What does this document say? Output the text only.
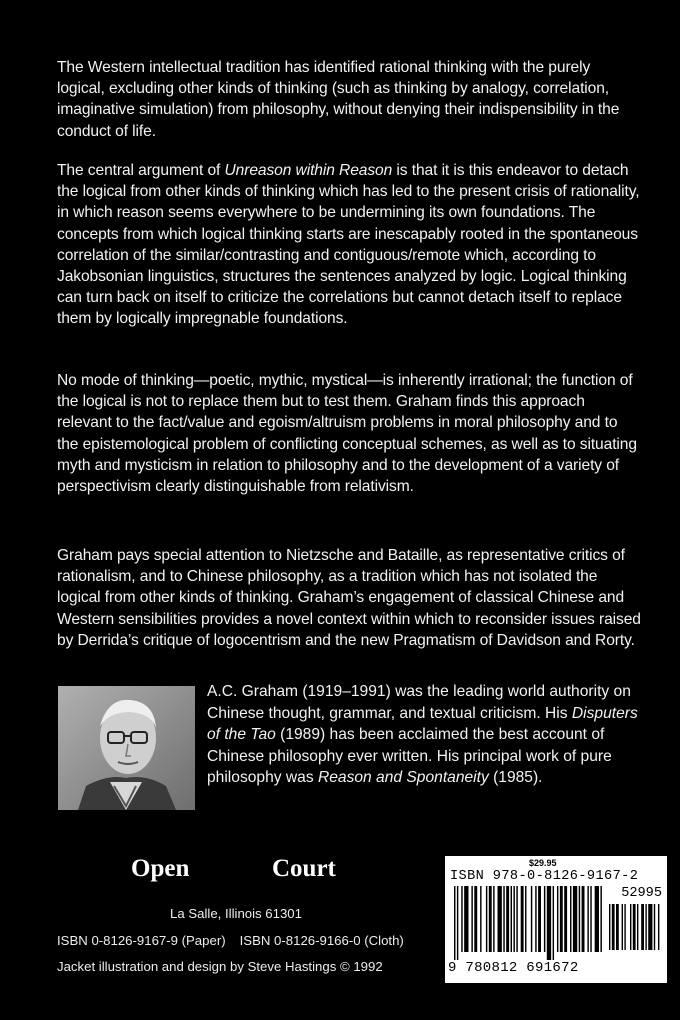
The Western intellectual tradition has identified rational thinking with the purely logical, excluding other kinds of thinking (such as thinking by analogy, correlation, imaginative simulation) from philosophy, without denying their indispensibility in the conduct of life.

The central argument of Unreason within Reason is that it is this endeavor to detach the logical from other kinds of thinking which has led to the present crisis of rationality, in which reason seems everywhere to be undermining its own foundations. The concepts from which logical thinking starts are inescapably rooted in the spontaneous correlation of the similar/contrasting and contiguous/remote which, according to Jakobsonian linguistics, structures the sentences analyzed by logic. Logical thinking can turn back on itself to criticize the correlations but cannot detach itself to replace them by logically impregnable foundations.

No mode of thinking—poetic, mythic, mystical—is inherently irrational; the function of the logical is not to replace them but to test them. Graham finds this approach relevant to the fact/value and egoism/altruism problems in moral philosophy and to the epistemological problem of conflicting conceptual schemes, as well as to situating myth and mysticism in relation to philosophy and to the development of a variety of perspectivism clearly distinguishable from relativism.

Graham pays special attention to Nietzsche and Bataille, as representative critics of rationalism, and to Chinese philosophy, as a tradition which has not isolated the logical from other kinds of thinking. Graham’s engagement of classical Chinese and Western sensibilities provides a novel context within which to reconsider issues raised by Derrida’s critique of logocentrism and the new Pragmatism of Davidson and Rorty.

A.C. Graham (1919–1991) was the leading world authority on Chinese thought, grammar, and textual criticism. His Disputers of the Tao (1989) has been acclaimed the best account of Chinese philosophy ever written. His principal work of pure philosophy was Reason and Spontaneity (1985).

Open	Court
La Salle, Illinois 61301
ISBN 0-8126-9167-9 (Paper) ISBN 0-8126-9166-0 (Cloth)
Jacket illustration and design by Steve Hastings © 1992
$29.95
ISBN 978-0-8126-9167-2
52995
9 780812 691672
